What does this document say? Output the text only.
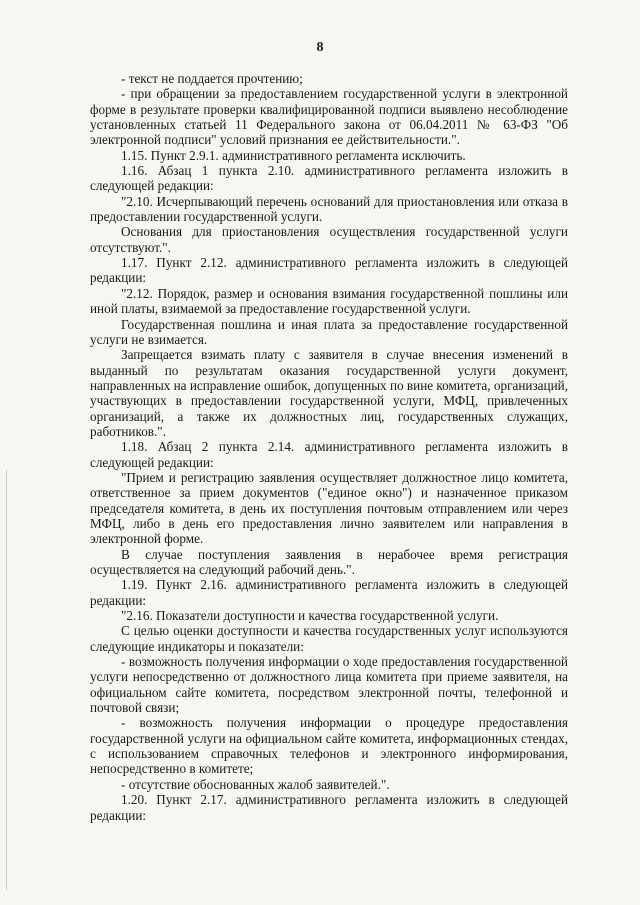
8

- текст не поддается прочтению;

- при обращении за предоставлением государственной услуги в электронной форме в результате проверки квалифицированной подписи выявлено несоблюдение установленных статьей 11 Федерального закона от 06.04.2011 № 63-ФЗ "Об электронной подписи" условий признания ее действительности.".

1.15. Пункт 2.9.1. административного регламента исключить.

1.16. Абзац 1 пункта 2.10. административного регламента изложить в следующей редакции:

"2.10. Исчерпывающий перечень оснований для приостановления или отказа в предоставлении государственной услуги.

Основания для приостановления осуществления государственной услуги отсутствуют.".

1.17. Пункт 2.12. административного регламента изложить в следующей редакции:

"2.12. Порядок, размер и основания взимания государственной пошлины или иной платы, взимаемой за предоставление государственной услуги.

Государственная пошлина и иная плата за предоставление государственной услуги не взимается.

Запрещается взимать плату с заявителя в случае внесения изменений в выданный по результатам оказания государственной услуги документ, направленных на исправление ошибок, допущенных по вине комитета, организаций, участвующих в предоставлении государственной услуги, МФЦ, привлеченных организаций, а также их должностных лиц, государственных служащих, работников.".

1.18. Абзац 2 пункта 2.14. административного регламента изложить в следующей редакции:

"Прием и регистрацию заявления осуществляет должностное лицо комитета, ответственное за прием документов ("единое окно") и назначенное приказом председателя комитета, в день их поступления почтовым отправлением или через МФЦ, либо в день его предоставления лично заявителем или направления в электронной форме.

В случае поступления заявления в нерабочее время регистрация осуществляется на следующий рабочий день.".

1.19. Пункт 2.16. административного регламента изложить в следующей редакции:

"2.16. Показатели доступности и качества государственной услуги.

С целью оценки доступности и качества государственных услуг используются следующие индикаторы и показатели:

- возможность получения информации о ходе предоставления государственной услуги непосредственно от должностного лица комитета при приеме заявителя, на официальном сайте комитета, посредством электронной почты, телефонной и почтовой связи;

- возможность получения информации о процедуре предоставления государственной услуги на официальном сайте комитета, информационных стендах, с использованием справочных телефонов и электронного информирования, непосредственно в комитете;

- отсутствие обоснованных жалоб заявителей.".

1.20. Пункт 2.17. административного регламента изложить в следующей редакции:
